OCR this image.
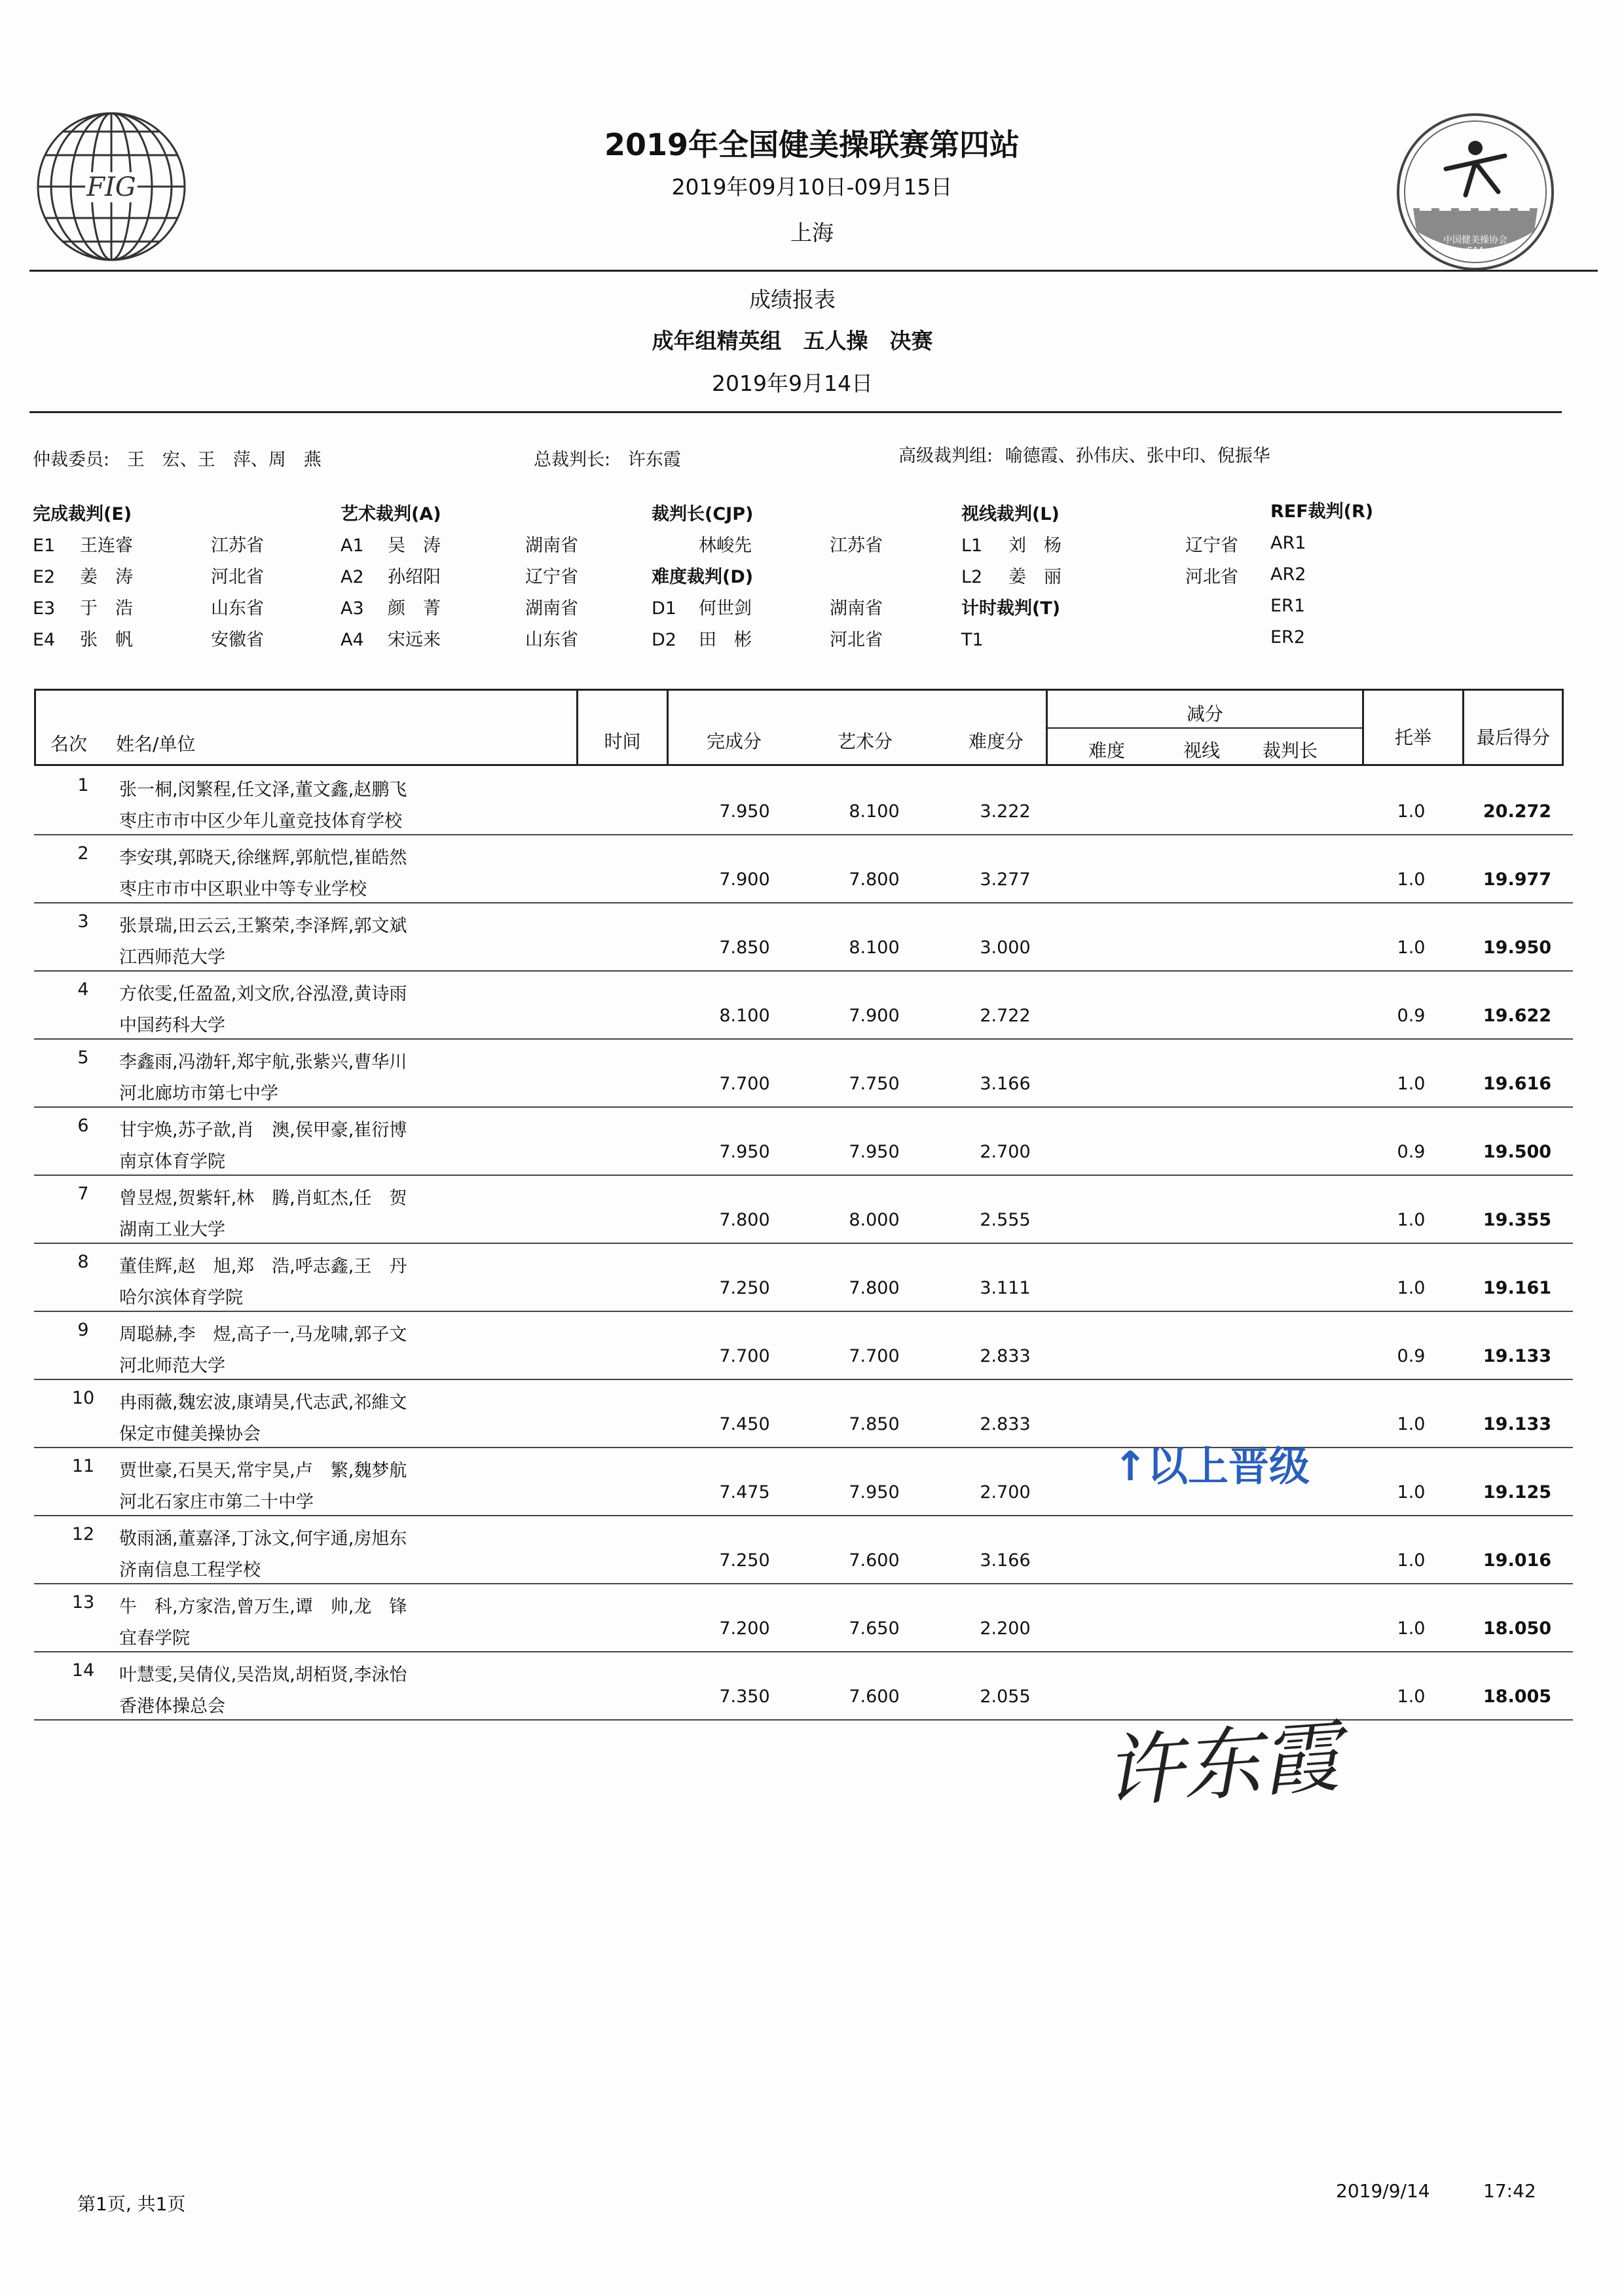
FIG
中国健美操协会
CAA
2019年全国健美操联赛第四站
2019年09月10日-09月15日
上海
成绩报表
成年组精英组　五人操　决赛
2019年9月14日
仲裁委员: 王　宏、王　萍、周　燕	总裁判长: 许东霞	高级裁判组: 喻德霞、孙伟庆、张中印、倪振华
完成裁判(E)
E1	王连睿	江苏省
E2	姜　涛	河北省
E3	于　浩	山东省
E4	张　帆	安徽省
艺术裁判(A)
A1	吴　涛	湖南省
A2	孙绍阳	辽宁省
A3	颜　菁	湖南省
A4	宋远来	山东省
裁判长(CJP)
林峻先	江苏省
难度裁判(D)
D1	何世剑	湖南省
D2	田　彬	河北省
视线裁判(L)
L1	刘　杨	辽宁省
L2	姜　丽	河北省
计时裁判(T)
T1
REF裁判(R)
AR1
AR2
ER1
ER2
名次	姓名/单位	时间	完成分	艺术分	难度分
减分
难度	视线	裁判长
托举	最后得分
1	张一桐,闵繁程,任文泽,董文鑫,赵鹏飞
枣庄市市中区少年儿童竞技体育学校	7.950	8.100	3.222	1.0	20.272
2	李安琪,郭晓天,徐继辉,郭航恺,崔皓然
枣庄市市中区职业中等专业学校	7.900	7.800	3.277	1.0	19.977
3	张景瑞,田云云,王繁荣,李泽辉,郭文斌
江西师范大学	7.850	8.100	3.000	1.0	19.950
4	方依雯,任盈盈,刘文欣,谷泓澄,黄诗雨
中国药科大学	8.100	7.900	2.722	0.9	19.622
5	李鑫雨,冯渤轩,郑宇航,张紫兴,曹华川
河北廊坊市第七中学	7.700	7.750	3.166	1.0	19.616
6	甘宇焕,苏子歆,肖　澳,侯甲豪,崔衍博
南京体育学院	7.950	7.950	2.700	0.9	19.500
7	曾昱煜,贺紫轩,林　腾,肖虹杰,任　贺
湖南工业大学	7.800	8.000	2.555	1.0	19.355
8	董佳辉,赵　旭,郑　浩,呼志鑫,王　丹
哈尔滨体育学院	7.250	7.800	3.111	1.0	19.161
9	周聪赫,李　煜,高子一,马龙啸,郭子文
河北师范大学	7.700	7.700	2.833	0.9	19.133
10	冉雨薇,魏宏波,康靖昊,代志武,祁維文
保定市健美操协会	7.450	7.850	2.833	1.0	19.133
11	贾世豪,石昊天,常宇昊,卢　繁,魏梦航
河北石家庄市第二十中学	7.475	7.950	2.700	1.0	19.125
12	敬雨涵,董嘉泽,丁泳文,何宇通,房旭东
济南信息工程学校	7.250	7.600	3.166	1.0	19.016
13	牛　科,方家浩,曾万生,谭　帅,龙　锋
宜春学院	7.200	7.650	2.200	1.0	18.050
14	叶慧雯,吴倩仪,吴浩岚,胡栢贤,李泳怡
香港体操总会	7.350	7.600	2.055	1.0	18.005
↑以上晋级
许东霞
第1页, 共1页
2019/9/14	17:42
